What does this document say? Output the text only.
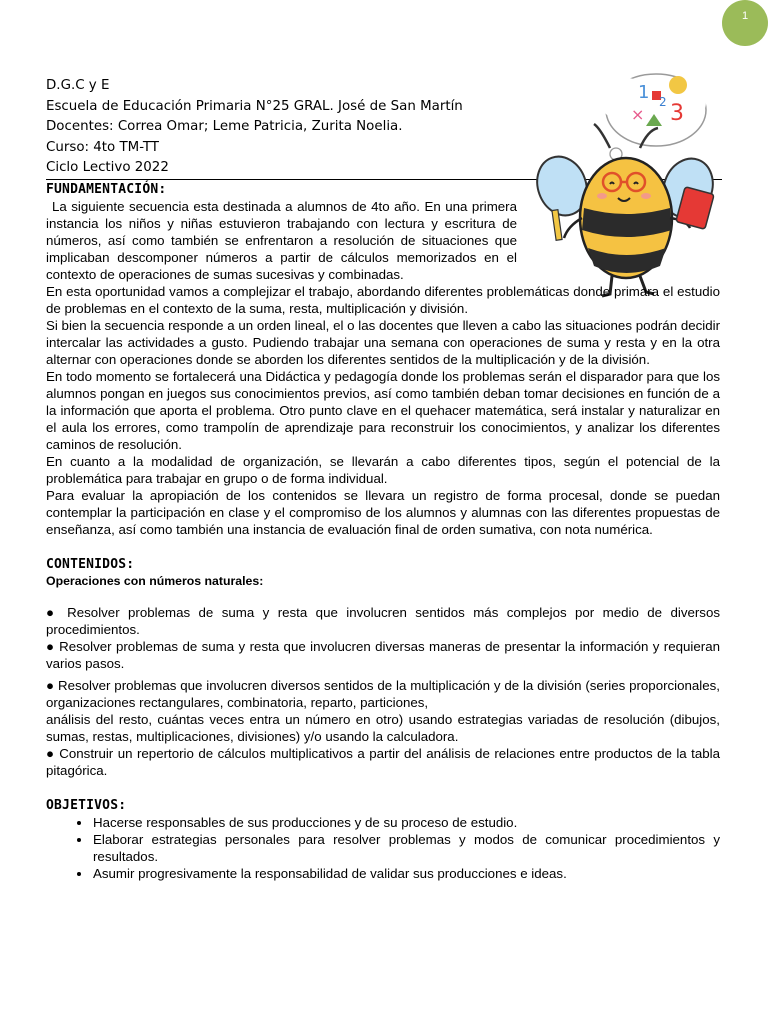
1
D.G.C y E
Escuela de Educación Primaria N°25 GRAL. José de San Martín
Docentes: Correa Omar; Leme Patricia, Zurita Noelia.
Curso: 4to TM-TT
Ciclo Lectivo 2022
1
× 3
2
FUNDAMENTACIÓN:

La siguiente secuencia esta destinada a alumnos de 4to año. En una primera instancia los niños y niñas estuvieron trabajando con lectura y escritura de números, así como también se enfrentaron a resolución de situaciones que implicaban descomponer números a partir de cálculos memorizados en el contexto de operaciones de sumas sucesivas y combinadas.

En esta oportunidad vamos a complejizar el trabajo, abordando diferentes problemáticas donde primara el estudio de problemas en el contexto de la suma, resta, multiplicación y división.

Si bien la secuencia responde a un orden lineal, el o las docentes que lleven a cabo las situaciones podrán decidir intercalar las actividades a gusto. Pudiendo trabajar una semana con operaciones de suma y resta y en la otra alternar con operaciones donde se aborden los diferentes sentidos de la multiplicación y de la división.

En todo momento se fortalecerá una Didáctica y pedagogía donde los problemas serán el disparador para que los alumnos pongan en juegos sus conocimientos previos, así como también deban tomar decisiones en función de a la información que aporta el problema. Otro punto clave en el quehacer matemática, será instalar y naturalizar en el aula los errores, como trampolín de aprendizaje para reconstruir los conocimientos, y analizar los diferentes caminos de resolución.

En cuanto a la modalidad de organización, se llevarán a cabo diferentes tipos, según el potencial de la problemática para trabajar en grupo o de forma individual.

Para evaluar la apropiación de los contenidos se llevara un registro de forma procesal, donde se puedan contemplar la participación en clase y el compromiso de los alumnos y alumnas con las diferentes propuestas de enseñanza, así como también una instancia de evaluación final de orden sumativa, con nota numérica.

CONTENIDOS:

Operaciones con números naturales:

● Resolver problemas de suma y resta que involucren sentidos más complejos por medio de diversos procedimientos.

● Resolver problemas de suma y resta que involucren diversas maneras de presentar la información y requieran varios pasos.

● Resolver problemas que involucren diversos sentidos de la multiplicación y de la división (series proporcionales, organizaciones rectangulares, combinatoria, reparto, particiones,

análisis del resto, cuántas veces entra un número en otro) usando estrategias variadas de resolución (dibujos, sumas, restas, multiplicaciones, divisiones) y/o usando la calculadora.

● Construir un repertorio de cálculos multiplicativos a partir del análisis de relaciones entre productos de la tabla pitagórica.

OBJETIVOS:
• Hacerse responsables de sus producciones y de su proceso de estudio.
• Elaborar estrategias personales para resolver problemas y modos de comunicar procedimientos y resultados.
• Asumir progresivamente la responsabilidad de validar sus producciones e ideas.
